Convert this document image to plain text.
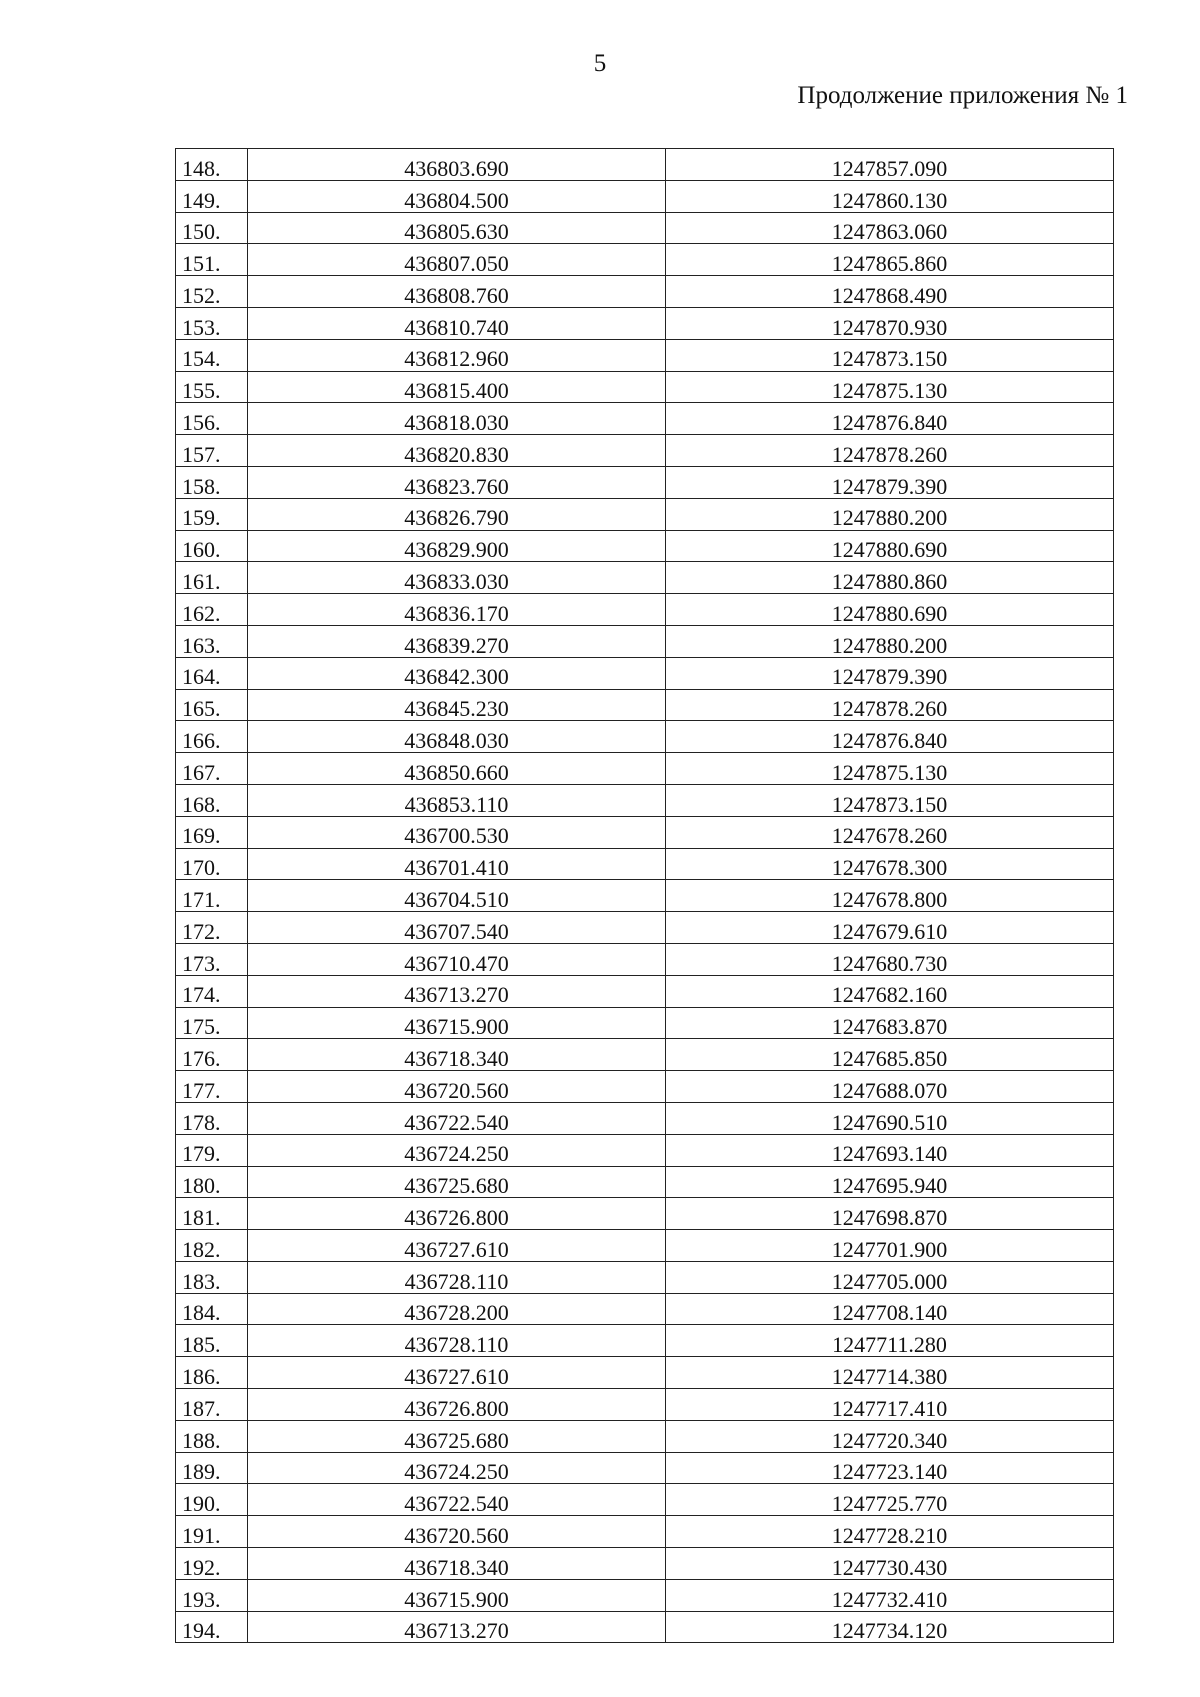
5
Продолжение приложения № 1
148.	436803.690	1247857.090
149.	436804.500	1247860.130
150.	436805.630	1247863.060
151.	436807.050	1247865.860
152.	436808.760	1247868.490
153.	436810.740	1247870.930
154.	436812.960	1247873.150
155.	436815.400	1247875.130
156.	436818.030	1247876.840
157.	436820.830	1247878.260
158.	436823.760	1247879.390
159.	436826.790	1247880.200
160.	436829.900	1247880.690
161.	436833.030	1247880.860
162.	436836.170	1247880.690
163.	436839.270	1247880.200
164.	436842.300	1247879.390
165.	436845.230	1247878.260
166.	436848.030	1247876.840
167.	436850.660	1247875.130
168.	436853.110	1247873.150
169.	436700.530	1247678.260
170.	436701.410	1247678.300
171.	436704.510	1247678.800
172.	436707.540	1247679.610
173.	436710.470	1247680.730
174.	436713.270	1247682.160
175.	436715.900	1247683.870
176.	436718.340	1247685.850
177.	436720.560	1247688.070
178.	436722.540	1247690.510
179.	436724.250	1247693.140
180.	436725.680	1247695.940
181.	436726.800	1247698.870
182.	436727.610	1247701.900
183.	436728.110	1247705.000
184.	436728.200	1247708.140
185.	436728.110	1247711.280
186.	436727.610	1247714.380
187.	436726.800	1247717.410
188.	436725.680	1247720.340
189.	436724.250	1247723.140
190.	436722.540	1247725.770
191.	436720.560	1247728.210
192.	436718.340	1247730.430
193.	436715.900	1247732.410
194.	436713.270	1247734.120
